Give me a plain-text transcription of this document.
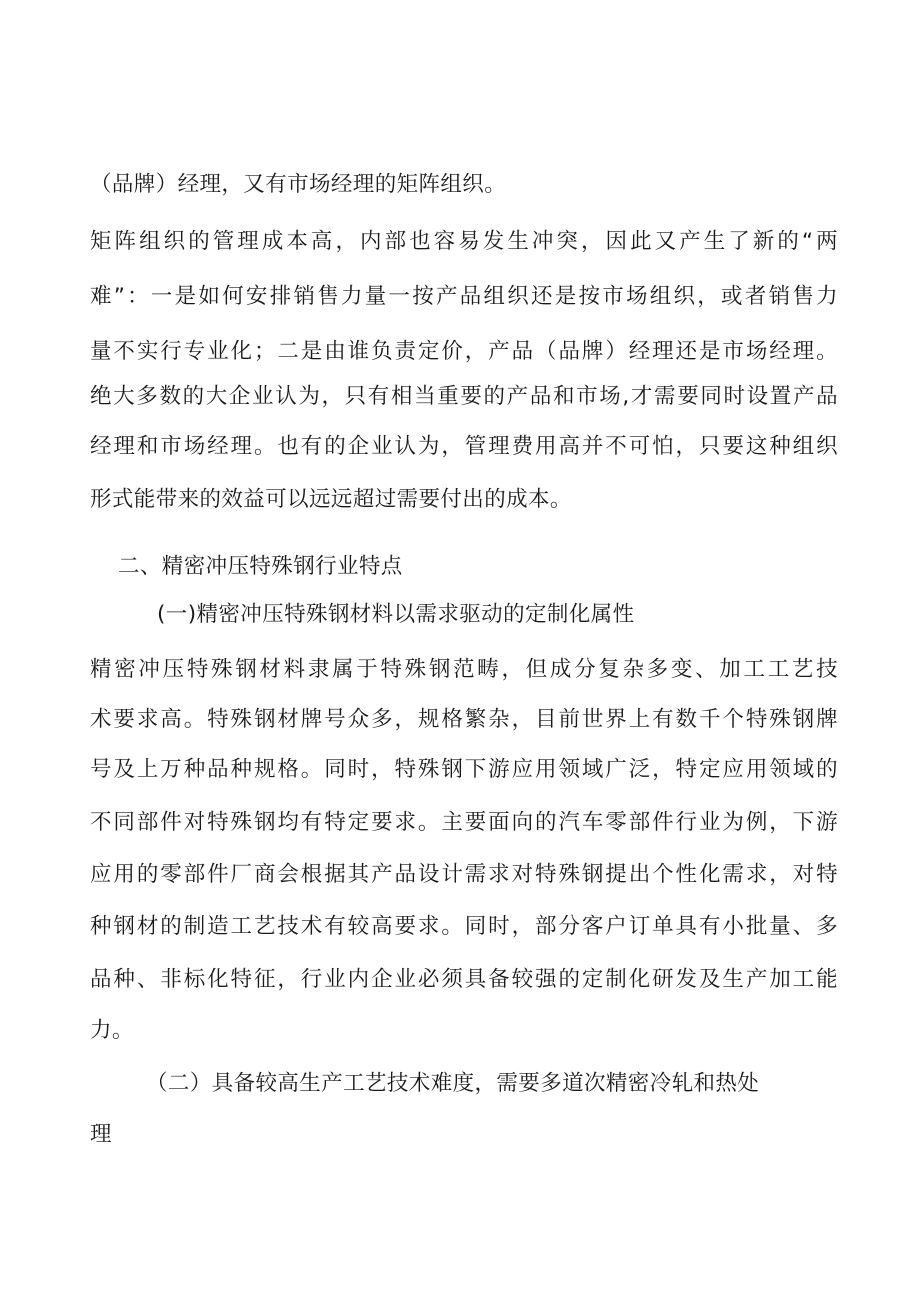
（品牌）经理，又有市场经理的矩阵组织。
矩阵组织的管理成本高，内部也容易发生冲突，因此又产生了新的“两
难”：一是如何安排销售力量一按产品组织还是按市场组织，或者销售力
量不实行专业化；二是由谁负责定价，产品（品牌）经理还是市场经理。
绝大多数的大企业认为，只有相当重要的产品和市场,才需要同时设置产品
经理和市场经理。也有的企业认为，管理费用高并不可怕，只要这种组织
形式能带来的效益可以远远超过需要付出的成本。
二、精密冲压特殊钢行业特点
(一)精密冲压特殊钢材料以需求驱动的定制化属性
精密冲压特殊钢材料隶属于特殊钢范畴，但成分复杂多变、加工工艺技
术要求高。特殊钢材牌号众多，规格繁杂，目前世界上有数千个特殊钢牌
号及上万种品种规格。同时，特殊钢下游应用领域广泛，特定应用领域的
不同部件对特殊钢均有特定要求。主要面向的汽车零部件行业为例，下游
应用的零部件厂商会根据其产品设计需求对特殊钢提出个性化需求，对特
种钢材的制造工艺技术有较高要求。同时，部分客户订单具有小批量、多
品种、非标化特征，行业内企业必须具备较强的定制化研发及生产加工能
力。
（二）具备较高生产工艺技术难度，需要多道次精密冷轧和热处
理
